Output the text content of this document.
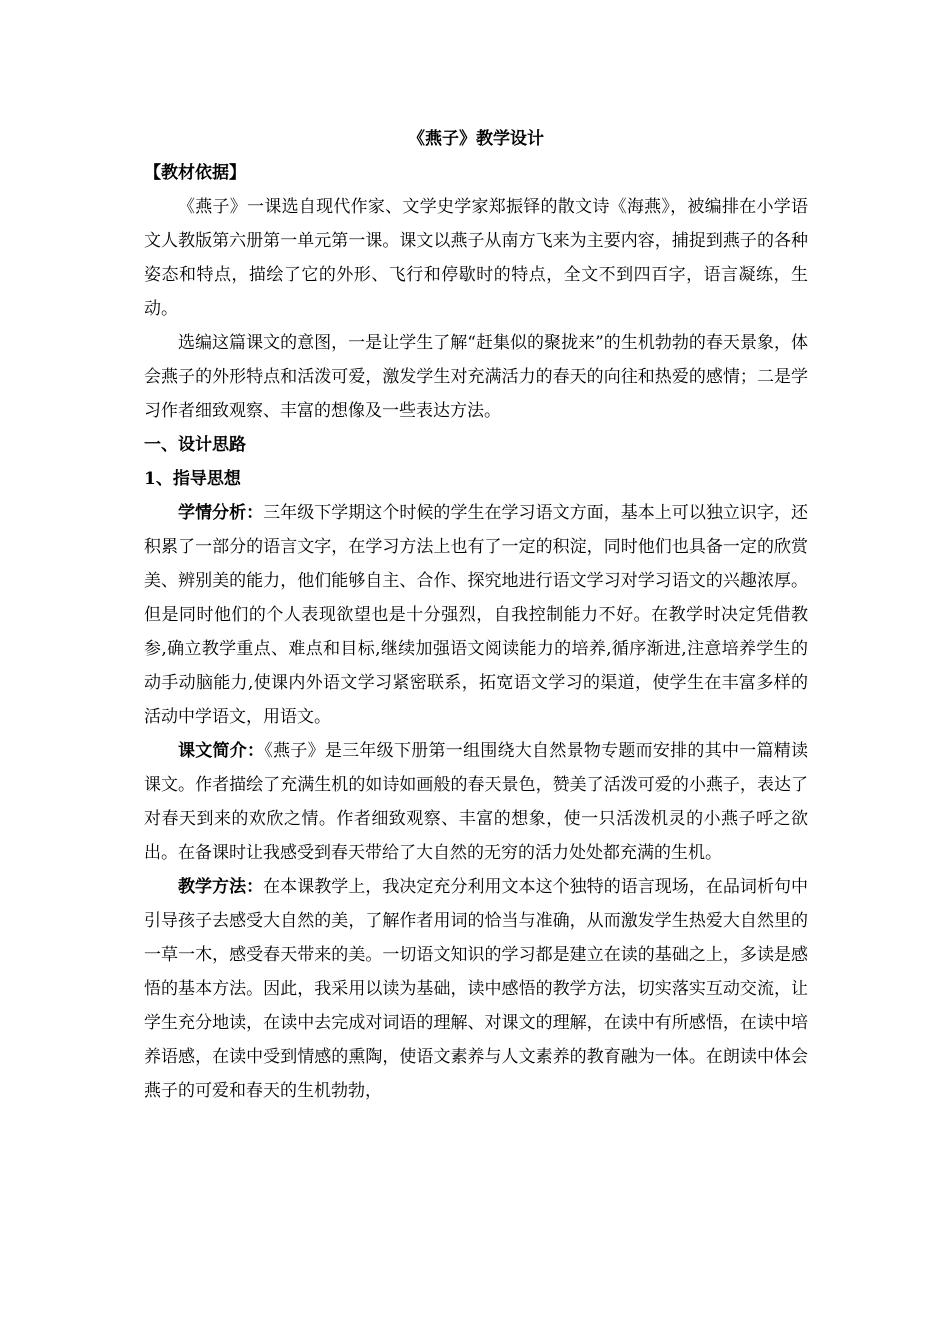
《燕子》教学设计
【教材依据】

《燕子》一课选自现代作家、文学史学家郑振铎的散文诗《海燕》，被编排在小学语文人教版第六册第一单元第一课。课文以燕子从南方飞来为主要内容，捕捉到燕子的各种姿态和特点，描绘了它的外形、飞行和停歇时的特点，全文不到四百字，语言凝练，生动。

选编这篇课文的意图，一是让学生了解“赶集似的聚拢来”的生机勃勃的春天景象，体会燕子的外形特点和活泼可爱，激发学生对充满活力的春天的向往和热爱的感情；二是学习作者细致观察、丰富的想像及一些表达方法。

一、设计思路
1、指导思想

学情分析：三年级下学期这个时候的学生在学习语文方面，基本上可以独立识字，还积累了一部分的语言文字，在学习方法上也有了一定的积淀，同时他们也具备一定的欣赏美、辨别美的能力，他们能够自主、合作、探究地进行语文学习对学习语文的兴趣浓厚。但是同时他们的个人表现欲望也是十分强烈，自我控制能力不好。在教学时决定凭借教参,确立教学重点、难点和目标,继续加强语文阅读能力的培养,循序渐进,注意培养学生的动手动脑能力,使课内外语文学习紧密联系，拓宽语文学习的渠道，使学生在丰富多样的活动中学语文，用语文。

课文简介：《燕子》是三年级下册第一组围绕大自然景物专题而安排的其中一篇精读课文。作者描绘了充满生机的如诗如画般的春天景色，赞美了活泼可爱的小燕子，表达了对春天到来的欢欣之情。作者细致观察、丰富的想象，使一只活泼机灵的小燕子呼之欲出。在备课时让我感受到春天带给了大自然的无穷的活力处处都充满的生机。

教学方法：在本课教学上，我决定充分利用文本这个独特的语言现场，在品词析句中引导孩子去感受大自然的美，了解作者用词的恰当与准确，从而激发学生热爱大自然里的一草一木，感受春天带来的美。一切语文知识的学习都是建立在读的基础之上，多读是感悟的基本方法。因此，我采用以读为基础，读中感悟的教学方法，切实落实互动交流，让学生充分地读，在读中去完成对词语的理解、对课文的理解，在读中有所感悟，在读中培养语感，在读中受到情感的熏陶，使语文素养与人文素养的教育融为一体。在朗读中体会燕子的可爱和春天的生机勃勃，
